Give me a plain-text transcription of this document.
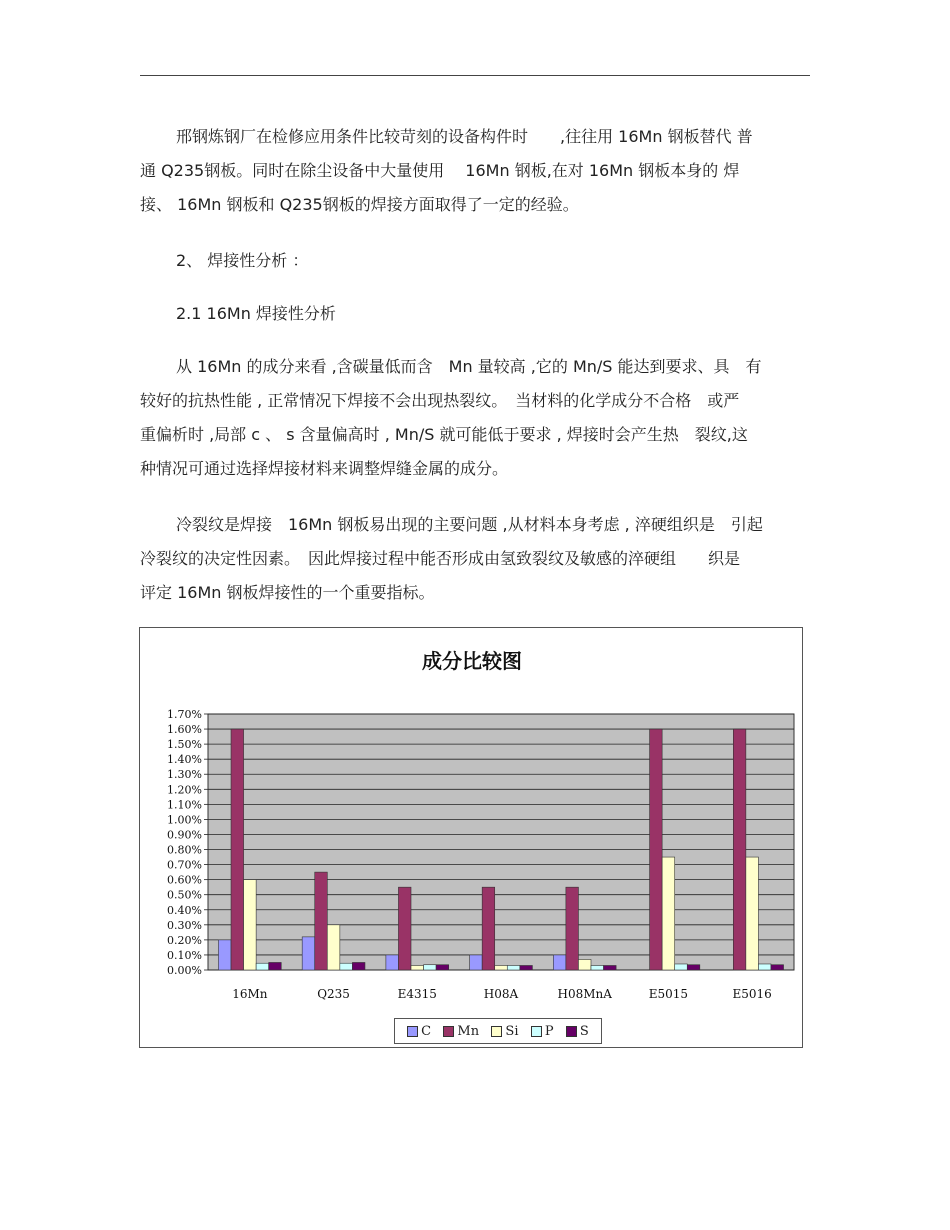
邢钢炼钢厂在检修应用条件比较苛刻的设备构件时　　,往往用 16Mn 钢板替代 普
通 Q235钢板。同时在除尘设备中大量使用　 16Mn 钢板,在对 16Mn 钢板本身的 焊
接、 16Mn 钢板和 Q235钢板的焊接方面取得了一定的经验。

2、 焊接性分析 ：
2.1 16Mn 焊接性分析

从 16Mn 的成分来看 ,含碳量低而含　Mn 量较高 ,它的 Mn/S 能达到要求、具　有
较好的抗热性能 , 正常情况下焊接不会出现热裂纹。　当材料的化学成分不合格　或严
重偏析时 ,局部 c 、 s 含量偏高时 , Mn/S 就可能低于要求 , 焊接时会产生热　裂纹,这
种情况可通过选择焊接材料来调整焊缝金属的成分。

冷裂纹是焊接　16Mn 钢板易出现的主要问题 ,从材料本身考虑 , 淬硬组织是　引起
冷裂纹的决定性因素。　因此焊接过程中能否形成由氢致裂纹及敏感的淬硬组　　织是
评定 16Mn 钢板焊接性的一个重要指标。

成分比较图
0.00%
0.10%
0.20%
0.30%
0.40%
0.50%
0.60%
0.70%
0.80%
0.90%
1.00%
1.10%
1.20%
1.30%
1.40%
1.50%
1.60%
1.70%
16Mn	Q235	E4315	H08A	H08MnA	E5015	E5016
C Mn Si P S
